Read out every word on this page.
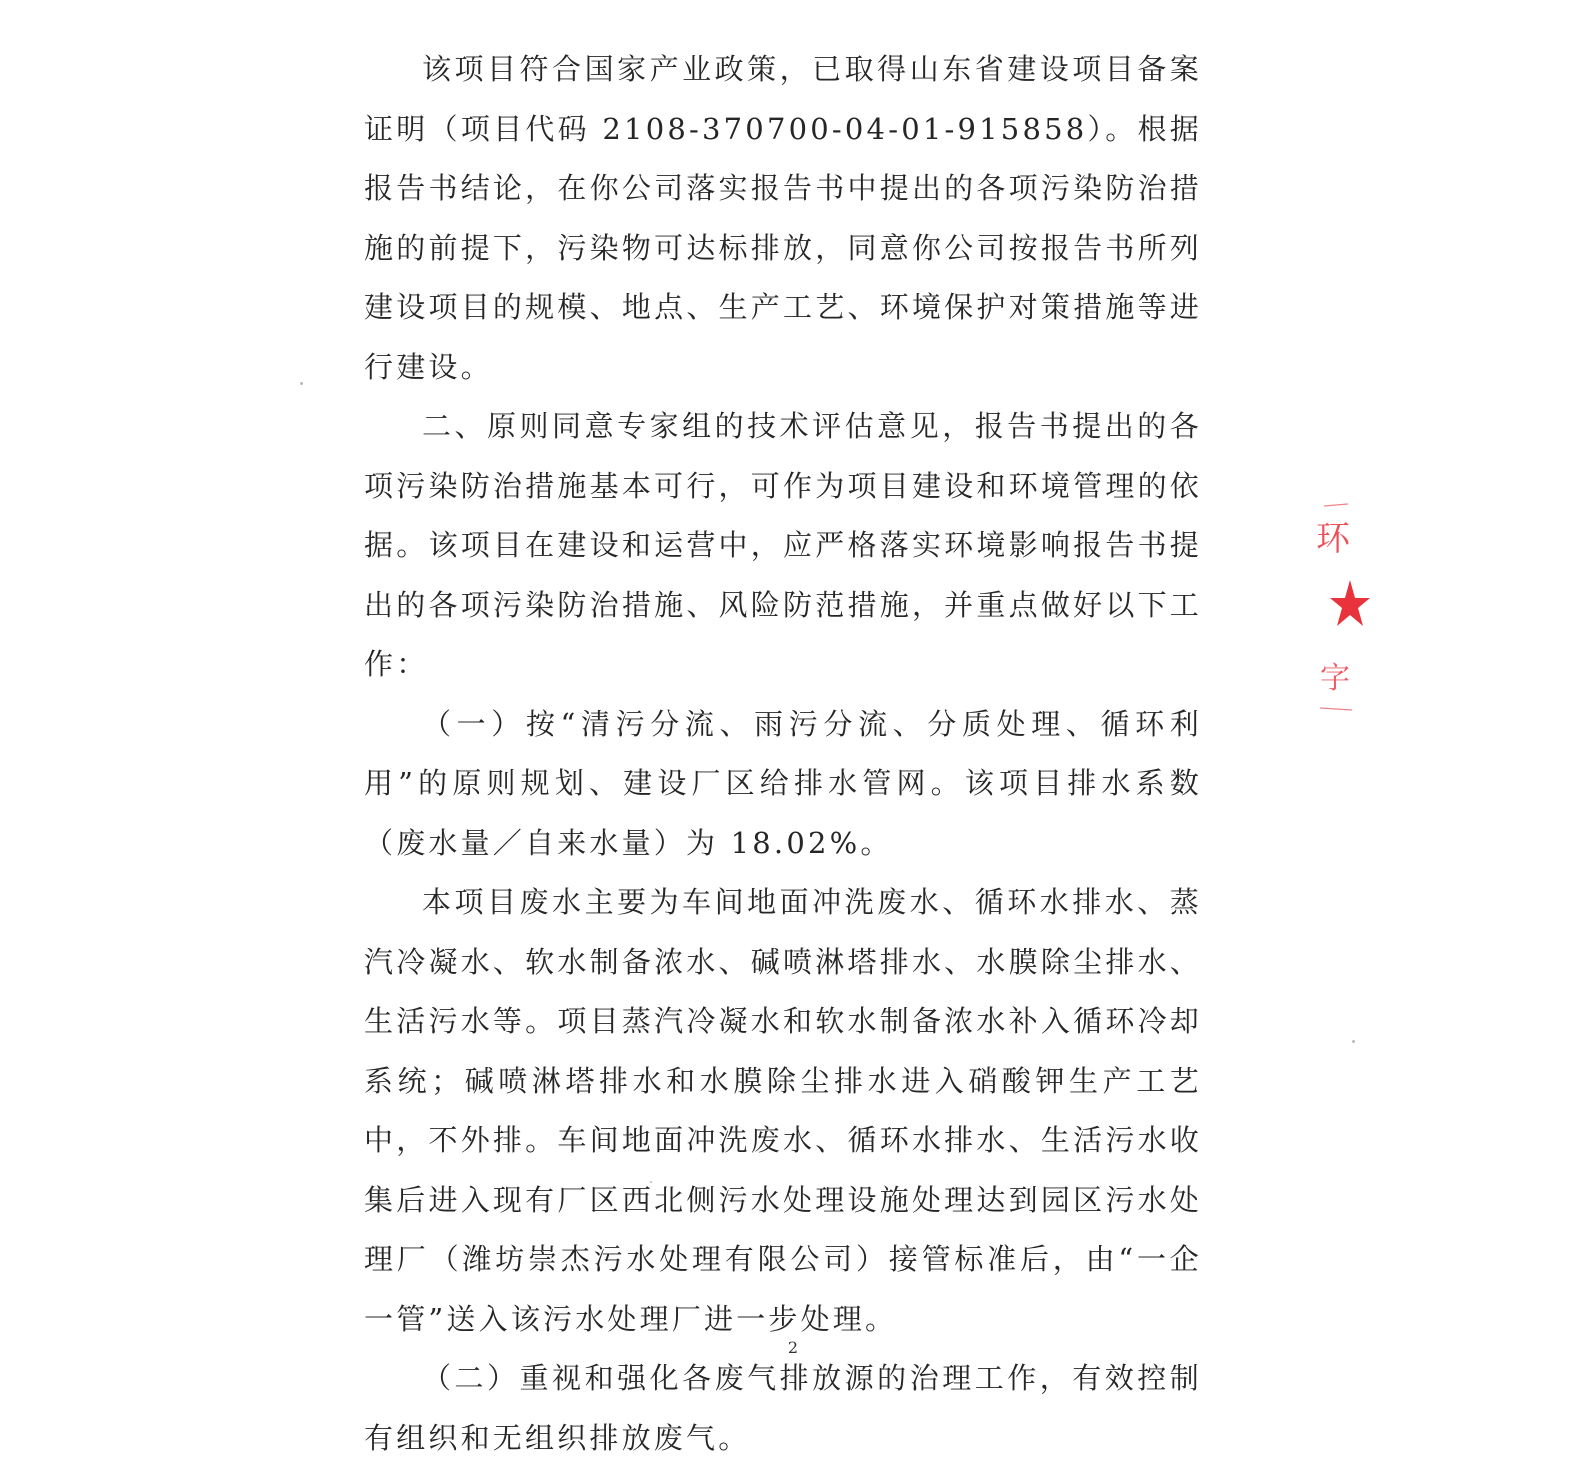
该项目符合国家产业政策，已取得山东省建设项目备案证明（项目代码 2108-370700-04-01-915858）。根据报告书结论，在你公司落实报告书中提出的各项污染防治措施的前提下，污染物可达标排放，同意你公司按报告书所列建设项目的规模、地点、生产工艺、环境保护对策措施等进行建设。

二、原则同意专家组的技术评估意见，报告书提出的各项污染防治措施基本可行，可作为项目建设和环境管理的依据。该项目在建设和运营中，应严格落实环境影响报告书提出的各项污染防治措施、风险防范措施，并重点做好以下工作：

（一）按“清污分流、雨污分流、分质处理、循环利用”的原则规划、建设厂区给排水管网。该项目排水系数（废水量／自来水量）为 18.02%。

本项目废水主要为车间地面冲洗废水、循环水排水、蒸汽冷凝水、软水制备浓水、碱喷淋塔排水、水膜除尘排水、生活污水等。项目蒸汽冷凝水和软水制备浓水补入循环冷却系统；碱喷淋塔排水和水膜除尘排水进入硝酸钾生产工艺中，不外排。车间地面冲洗废水、循环水排水、生活污水收集后进入现有厂区西北侧污水处理设施处理达到园区污水处理厂（潍坊崇杰污水处理有限公司）接管标准后，由“一企一管”送入该污水处理厂进一步处理。

（二）重视和强化各废气排放源的治理工作，有效控制有组织和无组织排放废气。

2
环
字
